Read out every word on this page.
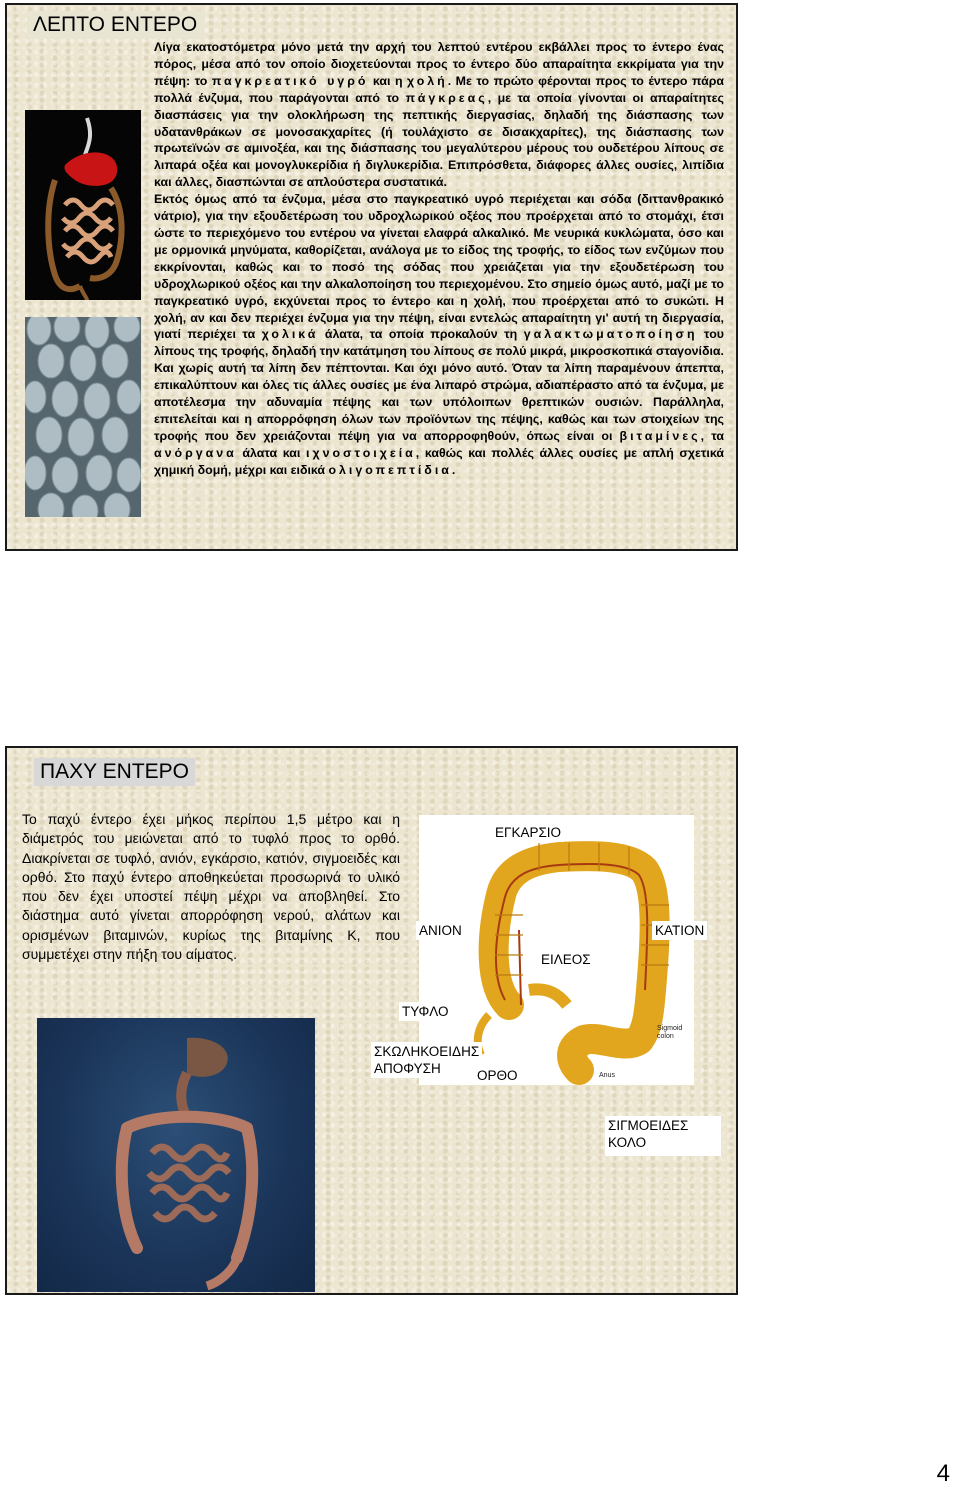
ΛΕΠΤΟ ΕΝΤΕΡΟ

Λίγα εκατοστόμετρα μόνο μετά την αρχή του λεπτού εντέρου εκβάλλει προς το έντερο ένας πόρος, μέσα από τον οποίο διοχετεύονται προς το έντερο δύο απαραίτητα εκκρίματα για την πέψη: το παγκρεατικό υγρό και η χολή. Με το πρώτο φέρονται προς το έντερο πάρα πολλά ένζυμα, που παράγονται από το πάγκρεας, με τα οποία γίνονται οι απαραίτητες διασπάσεις για την ολοκλήρωση της πεπτικής διεργασίας, δηλαδή της διάσπασης των υδατανθράκων σε μονοσακχαρίτες (ή τουλάχιστο σε δισακχαρίτες), της διάσπασης των πρωτεϊνών σε αμινοξέα, και της διάσπασης του μεγαλύτερου μέρους του ουδετέρου λίπους σε λιπαρά οξέα και μονογλυκερίδια ή διγλυκερίδια. Επιπρόσθετα, διάφορες άλλες ουσίες, λιπίδια και άλλες, διασπώνται σε απλούστερα συστατικά.

Εκτός όμως από τα ένζυμα, μέσα στο παγκρεατικό υγρό περιέχεται και σόδα (διττανθρακικό νάτριο), για την εξουδετέρωση του υδροχλωρικού οξέος που προέρχεται από το στομάχι, έτσι ώστε το περιεχόμενο του εντέρου να γίνεται ελαφρά αλκαλικό. Με νευρικά κυκλώματα, όσο και με ορμονικά μηνύματα, καθορίζεται, ανάλογα με το είδος της τροφής, το είδος των ενζύμων που εκκρίνονται, καθώς και το ποσό της σόδας που χρειάζεται για την εξουδετέρωση του υδροχλωρικού οξέος και την αλκαλοποίηση του περιεχομένου. Στο σημείο όμως αυτό, μαζί με το παγκρεατικό υγρό, εκχύνεται προς το έντερο και η χολή, που προέρχεται από το συκώτι. Η χολή, αν και δεν περιέχει ένζυμα για την πέψη, είναι εντελώς απαραίτητη γι' αυτή τη διεργασία, γιατί περιέχει τα χολικά άλατα, τα οποία προκαλούν τη γαλακτωματοποίηση του λίπους της τροφής, δηλαδή την κατάτμηση του λίπους σε πολύ μικρά, μικροσκοπικά σταγονίδια. Και χωρίς αυτή τα λίπη δεν πέπτονται. Και όχι μόνο αυτό. Όταν τα λίπη παραμένουν άπεπτα, επικαλύπτουν και όλες τις άλλες ουσίες με ένα λιπαρό στρώμα, αδιαπέραστο από τα ένζυμα, με αποτέλεσμα την αδυναμία πέψης και των υπόλοιπων θρεπτικών ουσιών. Παράλληλα, επιτελείται και η απορρόφηση όλων των προϊόντων της πέψης, καθώς και των στοιχείων της τροφής που δεν χρειάζονται πέψη για να απορροφηθούν, όπως είναι οι βιταμίνες, τα ανόργανα άλατα και ιχνοστοιχεία, καθώς και πολλές άλλες ουσίες με απλή σχετικά χημική δομή, μέχρι και ειδικά ολιγοπεπτίδια.

ΠΑΧΥ ΕΝΤΕΡΟ

Το παχύ έντερο έχει μήκος περίπου 1,5 μέτρο και η διάμετρός του μειώνεται από το τυφλό προς το ορθό. Διακρίνεται σε τυφλό, ανιόν, εγκάρσιο, κατιόν, σιγμοειδές και ορθό. Στο παχύ έντερο αποθηκεύεται προσωρινά το υλικό που δεν έχει υποστεί πέψη μέχρι να αποβληθεί. Στο διάστημα αυτό γίνεται απορρόφηση νερού, αλάτων και ορισμένων βιταμινών, κυρίως της βιταμίνης Κ, που συμμετέχει στην πήξη του αίματος.

Sigmoid colon
Anus
ΕΓΚΑΡΣΙΟ
ΑΝΙΟΝ	ΚΑΤΙΟΝ
ΕΙΛΕΟΣ
ΤΥΦΛΟ
ΣΚΩΛΗΚΟΕΙΔΗΣ
ΑΠΟΦΥΣΗ	ΟΡΘΟ
ΣΙΓΜΟΕΙΔΕΣ
ΚΟΛΟ
4
